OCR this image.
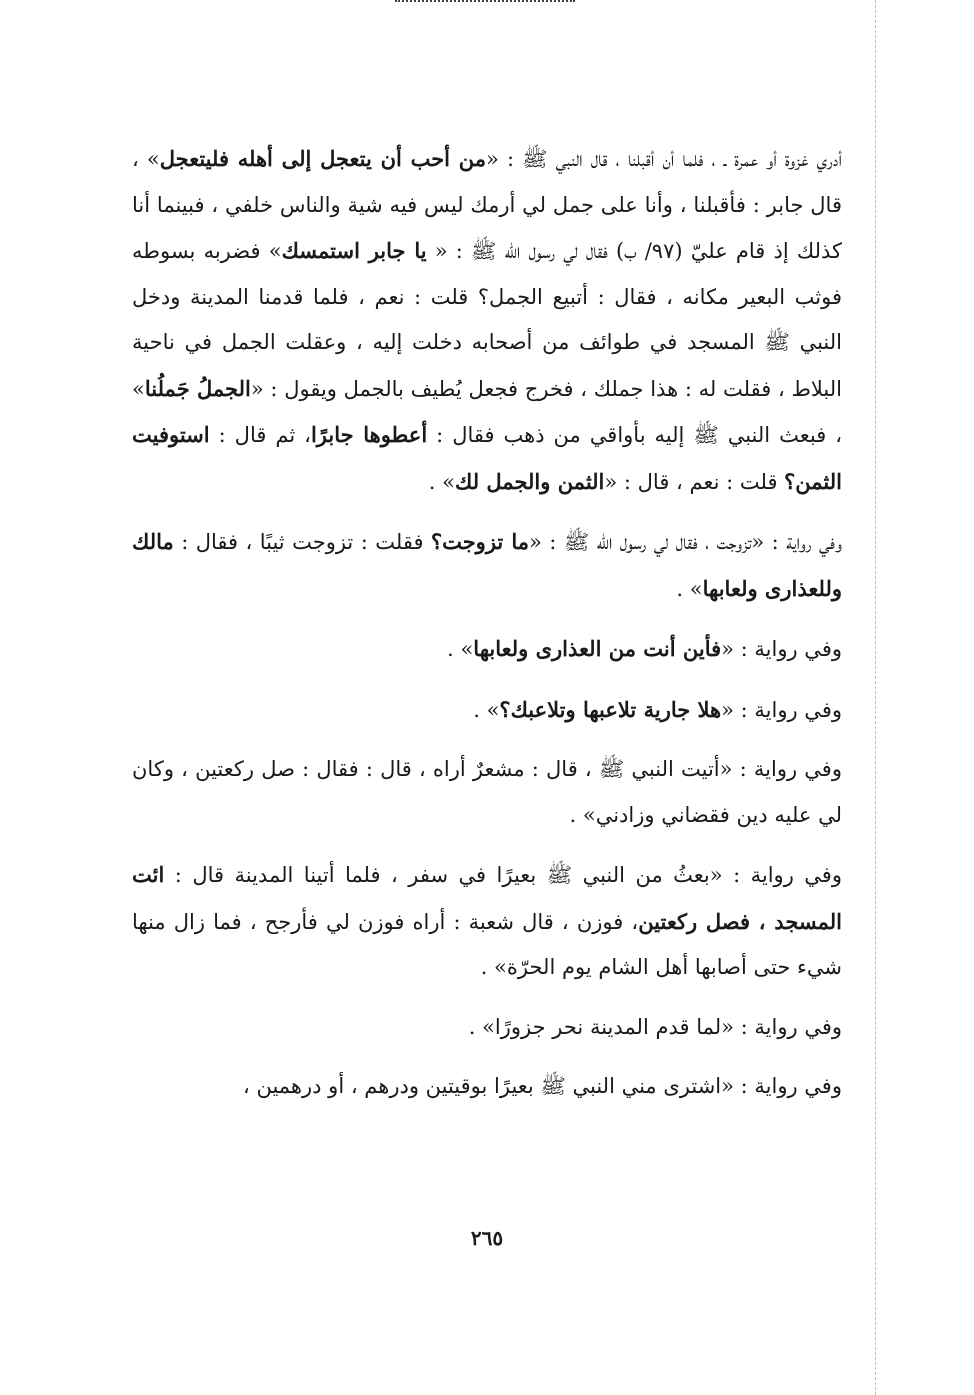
أدري غزوة أو عمرة ـ ، فلما أن أقبلنا ، قال النبي ﷺ : «من أحب أن يتعجل إلى أهله فليتعجل» ، قال جابر : فأقبلنا ، وأنا على جمل لي أرمك ليس فيه شية والناس خلفي ، فبينما أنا كذلك إذ قام عليّ (٩٧/ ب) فقال لي رسول الله ﷺ : « يا جابر استمسك» فضربه بسوطه فوثب البعير مكانه ، فقال : أتبيع الجمل؟ قلت : نعم ، فلما قدمنا المدينة ودخل النبي ﷺ المسجد في طوائف من أصحابه دخلت إليه ، وعقلت الجمل في ناحية البلاط ، فقلت له : هذا جملك ، فخرج فجعل يُطيف بالجمل ويقول : «الجملُ جَملُنا» ، فبعث النبي ﷺ إليه بأواقي من ذهب فقال : أعطوها جابرًا، ثم قال : استوفيت الثمن؟ قلت : نعم ، قال : «الثمن والجمل لك» .

وفي رواية : «تزوجت ، فقال لي رسول الله ﷺ : «ما تزوجت؟ فقلت : تزوجت ثيبًا ، فقال : مالك وللعذارى ولعابها» .

وفي رواية : «فأين أنت من العذارى ولعابها» .

وفي رواية : «هلا جارية تلاعبها وتلاعبك؟» .

وفي رواية : «أتيت النبي ﷺ ، قال : مشعرٌ أراه ، قال : فقال : صل ركعتين ، وكان لي عليه دين فقضاني وزادني» .

وفي رواية : «بعثُ من النبي ﷺ بعيرًا في سفر ، فلما أتينا المدينة قال : ائت المسجد ، فصل ركعتين، فوزن ، قال شعبة : أراه فوزن لي فأرجح ، فما زال منها شيء حتى أصابها أهل الشام يوم الحرّة» .

وفي رواية : «لما قدم المدينة نحر جزورًا» .

وفي رواية : «اشترى مني النبي ﷺ بعيرًا بوقيتين ودرهم ، أو درهمين ،

٢٦٥
